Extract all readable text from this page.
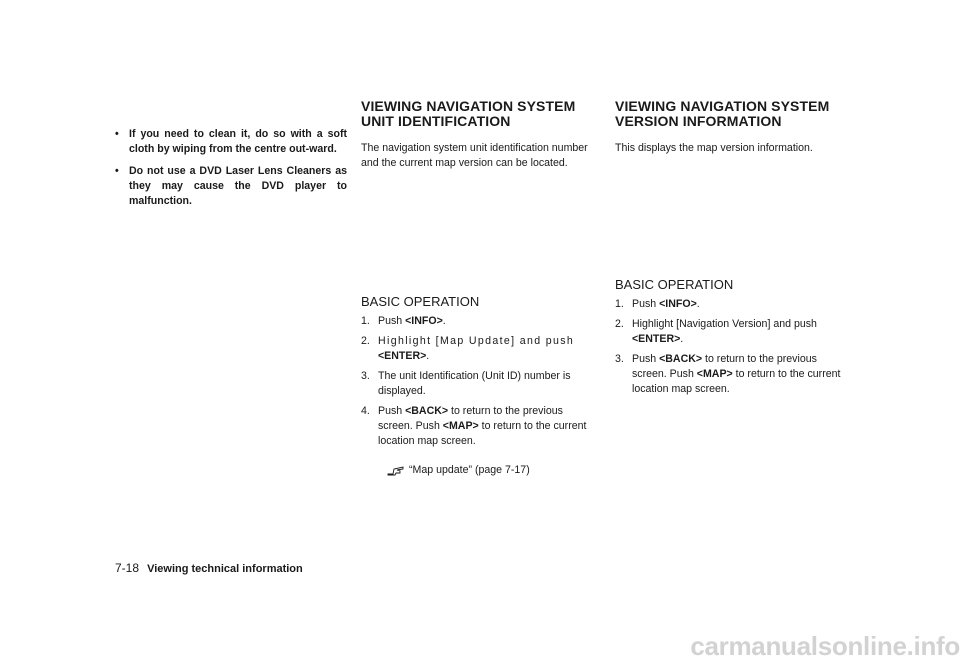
• If you need to clean it, do so with a soft cloth by wiping from the centre out-ward.
• Do not use a DVD Laser Lens Cleaners as they may cause the DVD player to malfunction.
VIEWING NAVIGATION SYSTEM
UNIT IDENTIFICATION
The navigation system unit identification number and the current map version can be located.
BASIC OPERATION
1. Push <INFO>.
2. Highlight [Map Update] and push <ENTER>.
3. The unit Identification (Unit ID) number is displayed.
4. Push <BACK> to return to the previous screen. Push <MAP> to return to the current location map screen.
“Map update” (page 7-17)
VIEWING NAVIGATION SYSTEM
VERSION INFORMATION
This displays the map version information.
BASIC OPERATION
1. Push <INFO>.
2. Highlight [Navigation Version] and push <ENTER>.
3. Push <BACK> to return to the previous screen. Push <MAP> to return to the current location map screen.
7-18 Viewing technical information
carmanualsonline.info
